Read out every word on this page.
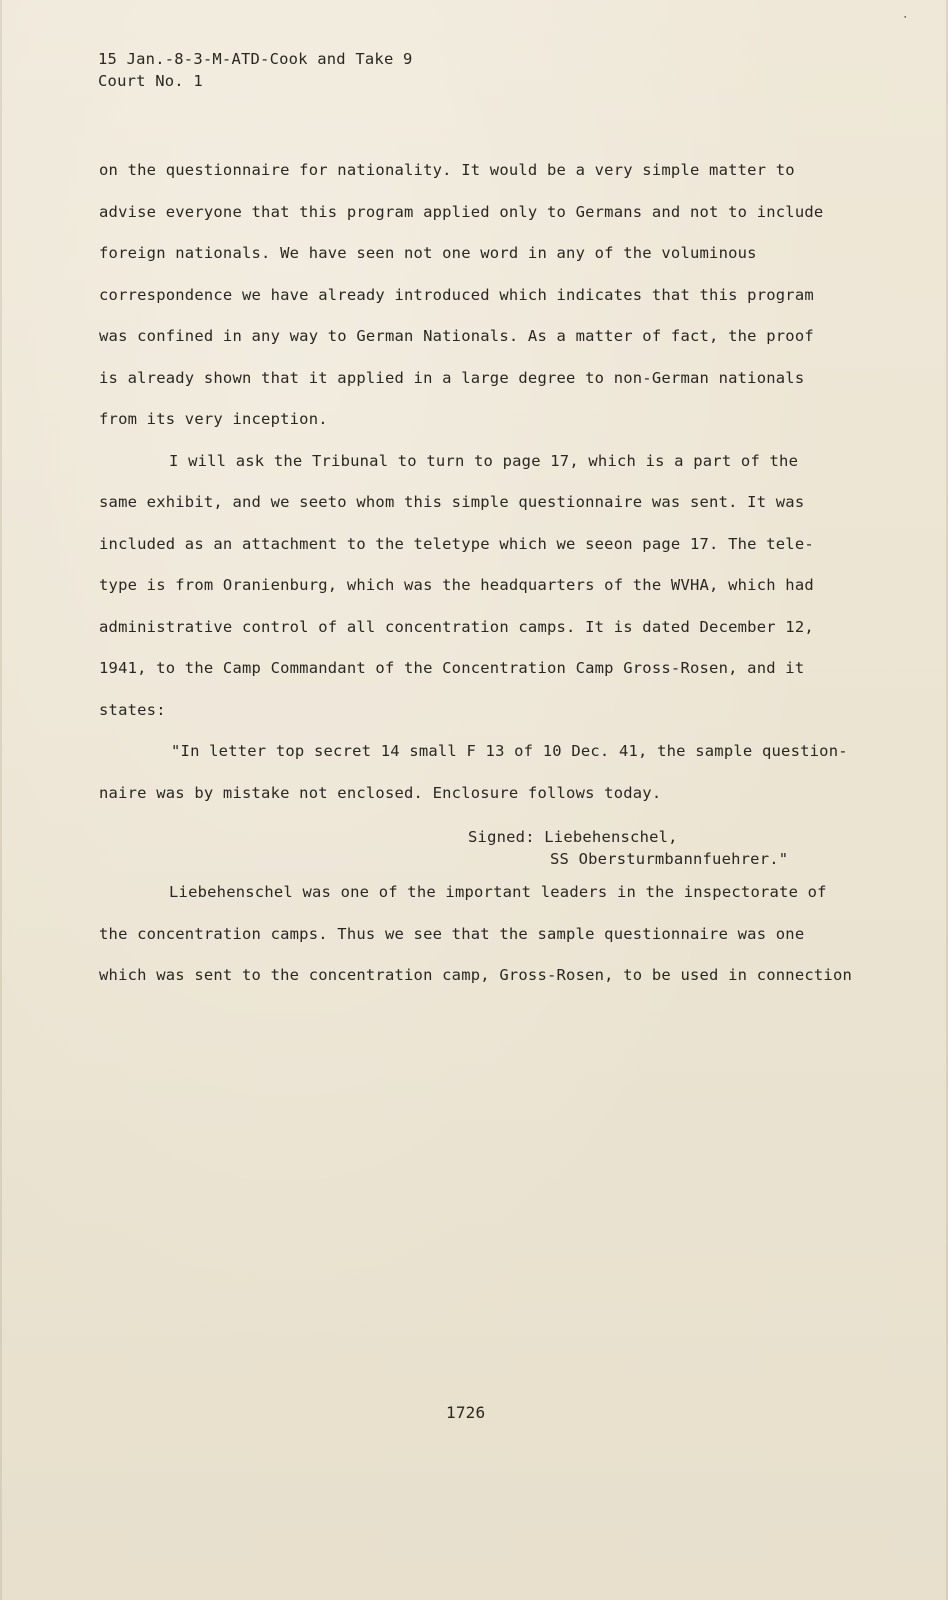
‧
15 Jan.-8-3-M-ATD-Cook and Take 9
Court No. 1
on the questionnaire for nationality. It would be a very simple matter to
advise everyone that this program applied only to Germans and not to include
foreign nationals. We have seen not one word in any of the voluminous
correspondence we have already introduced which indicates that this program
was confined in any way to German Nationals. As a matter of fact, the proof
is already shown that it applied in a large degree to non-German nationals
from its very inception.
I will ask the Tribunal to turn to page 17, which is a part of the
same exhibit, and we seeto whom this simple questionnaire was sent. It was
included as an attachment to the teletype which we seeon page 17. The tele-
type is from Oranienburg, which was the headquarters of the WVHA, which had
administrative control of all concentration camps. It is dated December 12,
1941, to the Camp Commandant of the Concentration Camp Gross-Rosen, and it
states:
"In letter top secret 14 small F 13 of 10 Dec. 41, the sample question-
naire was by mistake not enclosed. Enclosure follows today.
Signed: Liebehenschel,
SS Obersturmbannfuehrer."
Liebehenschel was one of the important leaders in the inspectorate of
the concentration camps. Thus we see that the sample questionnaire was one
which was sent to the concentration camp, Gross-Rosen, to be used in connection
1726
